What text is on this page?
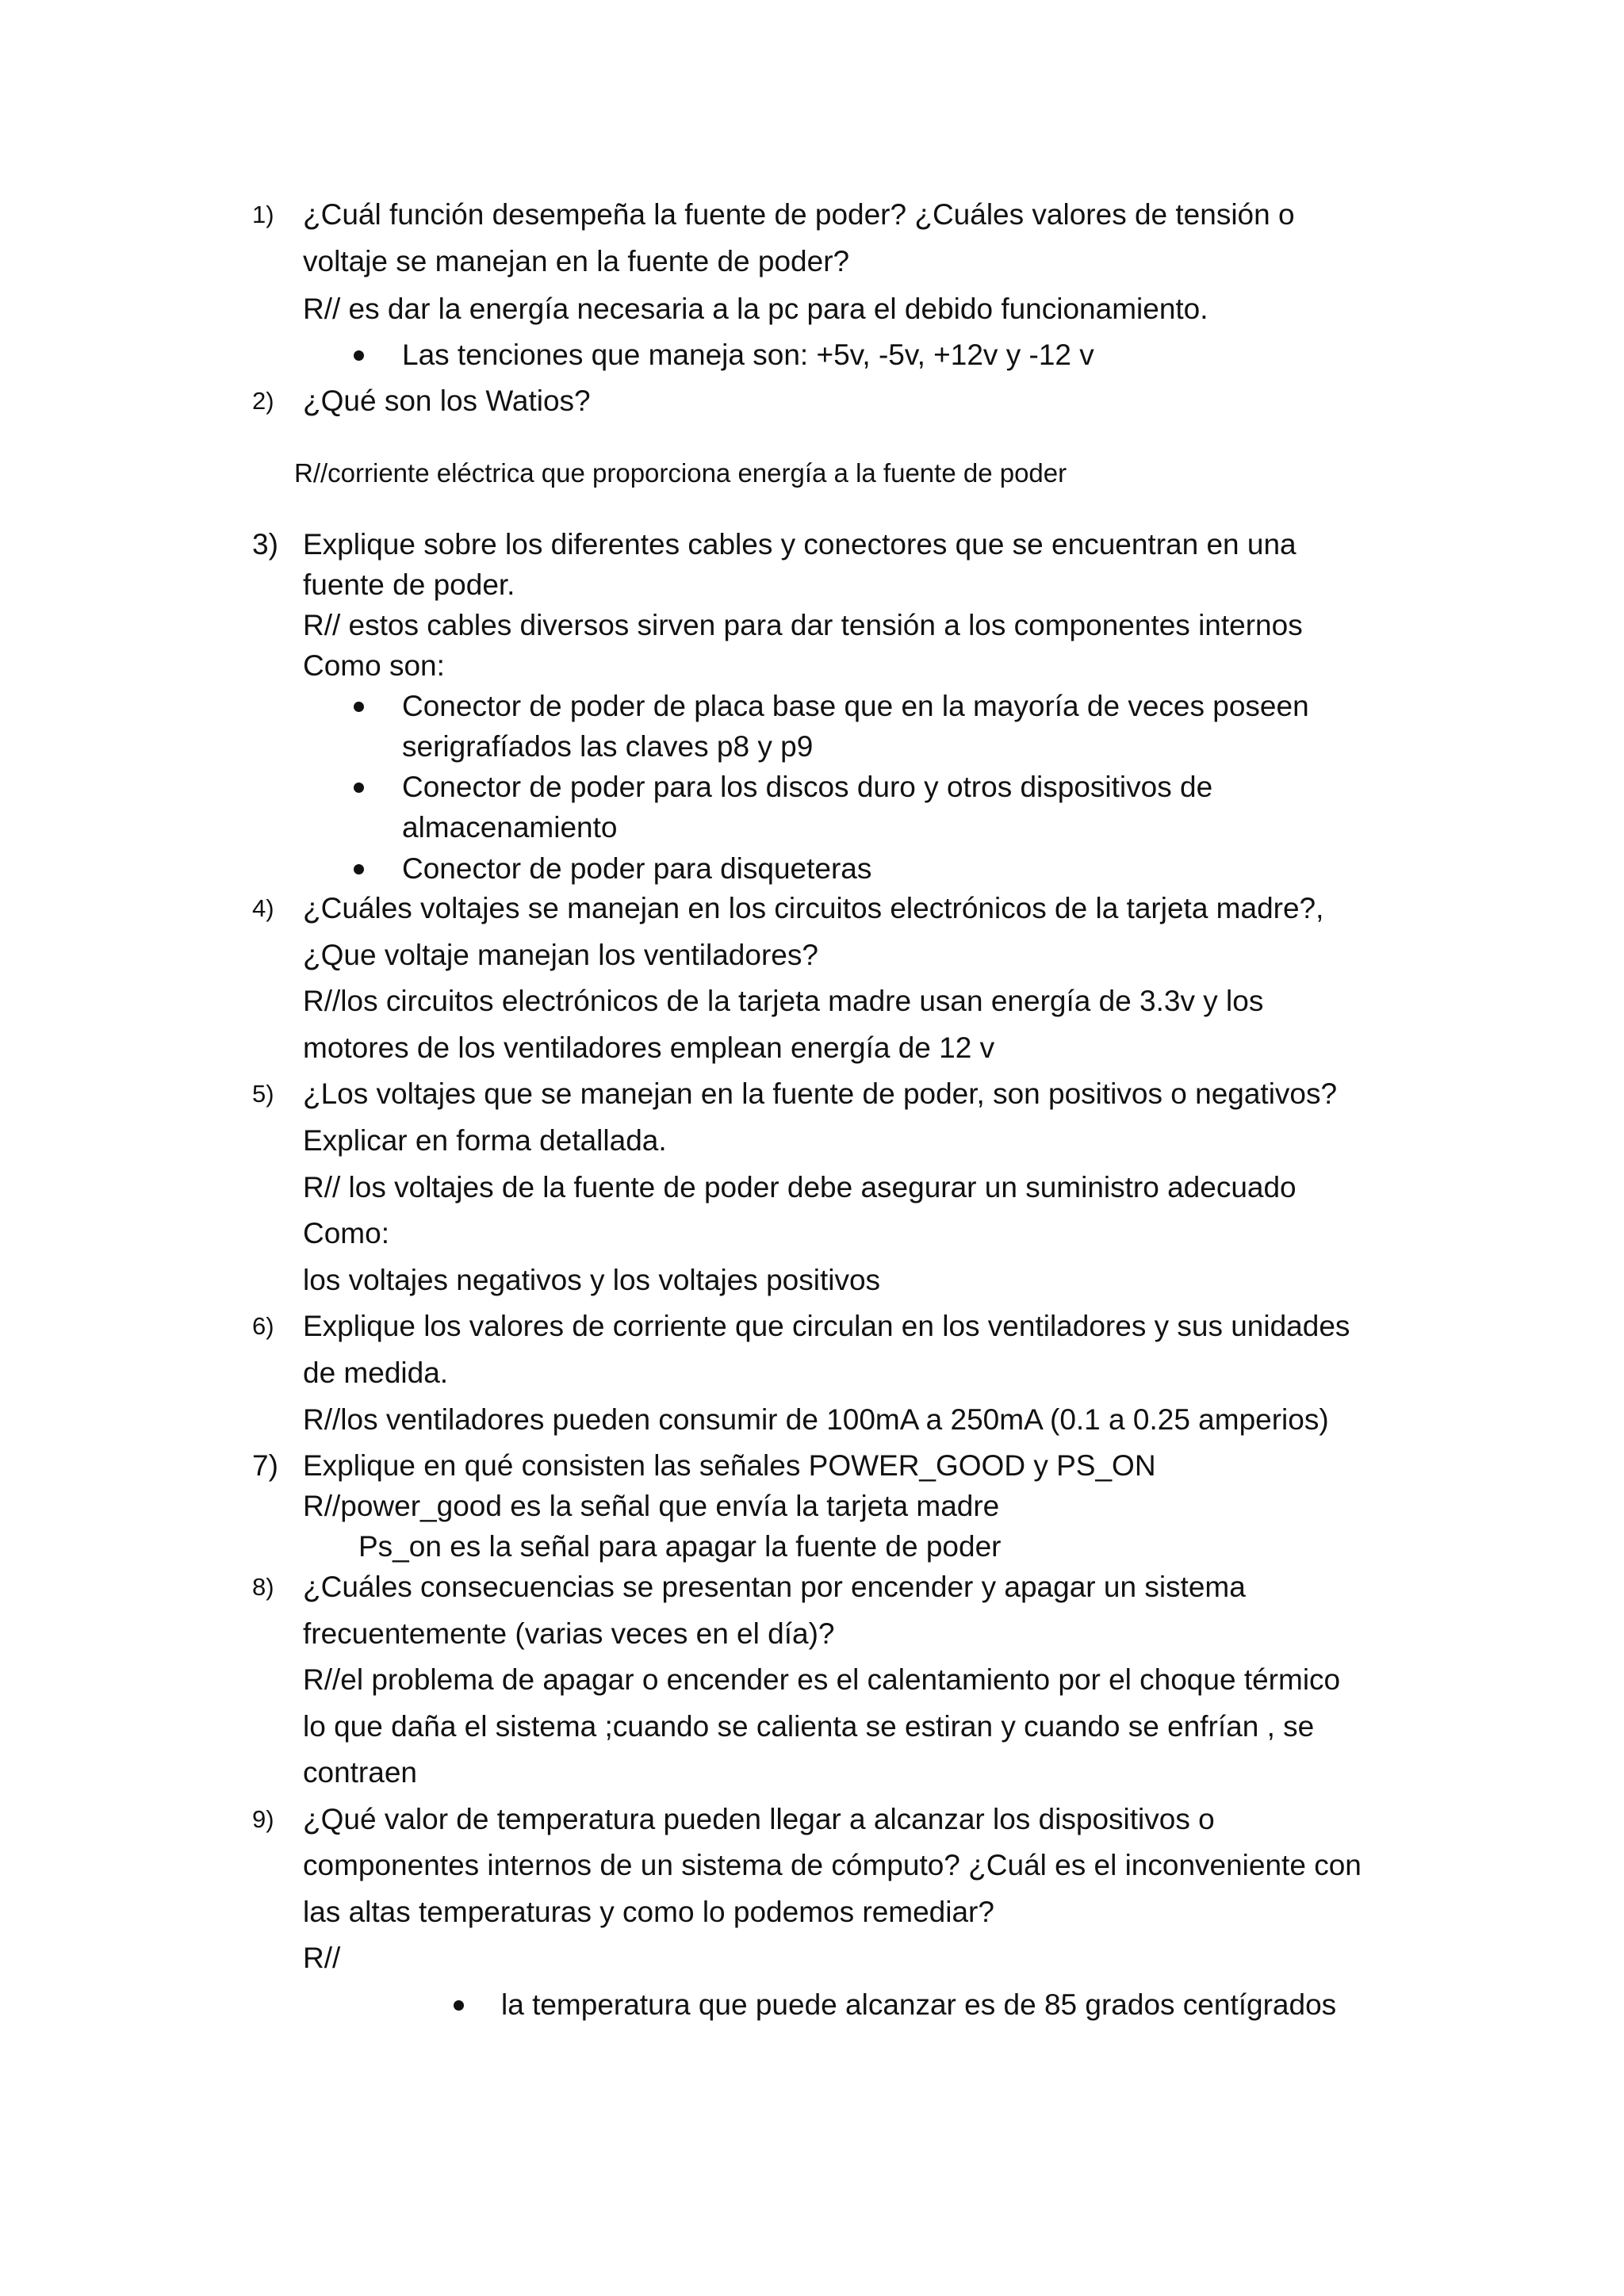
1) ¿Cuál función desempeña la fuente de poder? ¿Cuáles valores de tensión o
voltaje se manejan en la fuente de poder?
R// es dar la energía necesaria a la pc para el debido funcionamiento.
Las tenciones que maneja son: +5v, -5v, +12v y -12 v
2) ¿Qué son los Watios?
R//corriente eléctrica que proporciona energía a la fuente de poder
3) Explique sobre los diferentes cables y conectores que se encuentran en una
fuente de poder.
R// estos cables diversos sirven para dar tensión a los componentes internos
Como son:
Conector de poder de placa base que en la mayoría de veces poseen
serigrafíados las claves p8 y p9
Conector de poder para los discos duro y otros dispositivos de
almacenamiento
Conector de poder para disqueteras
4) ¿Cuáles voltajes se manejan en los circuitos electrónicos de la tarjeta madre?,
¿Que voltaje manejan los ventiladores?
R//los circuitos electrónicos de la tarjeta madre usan energía de 3.3v y los
motores de los ventiladores emplean energía de 12 v
5) ¿Los voltajes que se manejan en la fuente de poder, son positivos o negativos?
Explicar en forma detallada.
R// los voltajes de la fuente de poder debe asegurar un suministro adecuado
Como:
los voltajes negativos y los voltajes positivos
6) Explique los valores de corriente que circulan en los ventiladores y sus unidades
de medida.
R//los ventiladores pueden consumir de 100mA a 250mA (0.1 a 0.25 amperios)
7) Explique en qué consisten las señales POWER_GOOD y PS_ON
R//power_good es la señal que envía la tarjeta madre
Ps_on es la señal para apagar la fuente de poder
8) ¿Cuáles consecuencias se presentan por encender y apagar un sistema
frecuentemente (varias veces en el día)?
R//el problema de apagar o encender es el calentamiento por el choque térmico
lo que daña el sistema ;cuando se calienta se estiran y cuando se enfrían , se
contraen
9) ¿Qué valor de temperatura pueden llegar a alcanzar los dispositivos o
componentes internos de un sistema de cómputo? ¿Cuál es el inconveniente con
las altas temperaturas y como lo podemos remediar?
R//
la temperatura que puede alcanzar es de 85 grados centígrados
